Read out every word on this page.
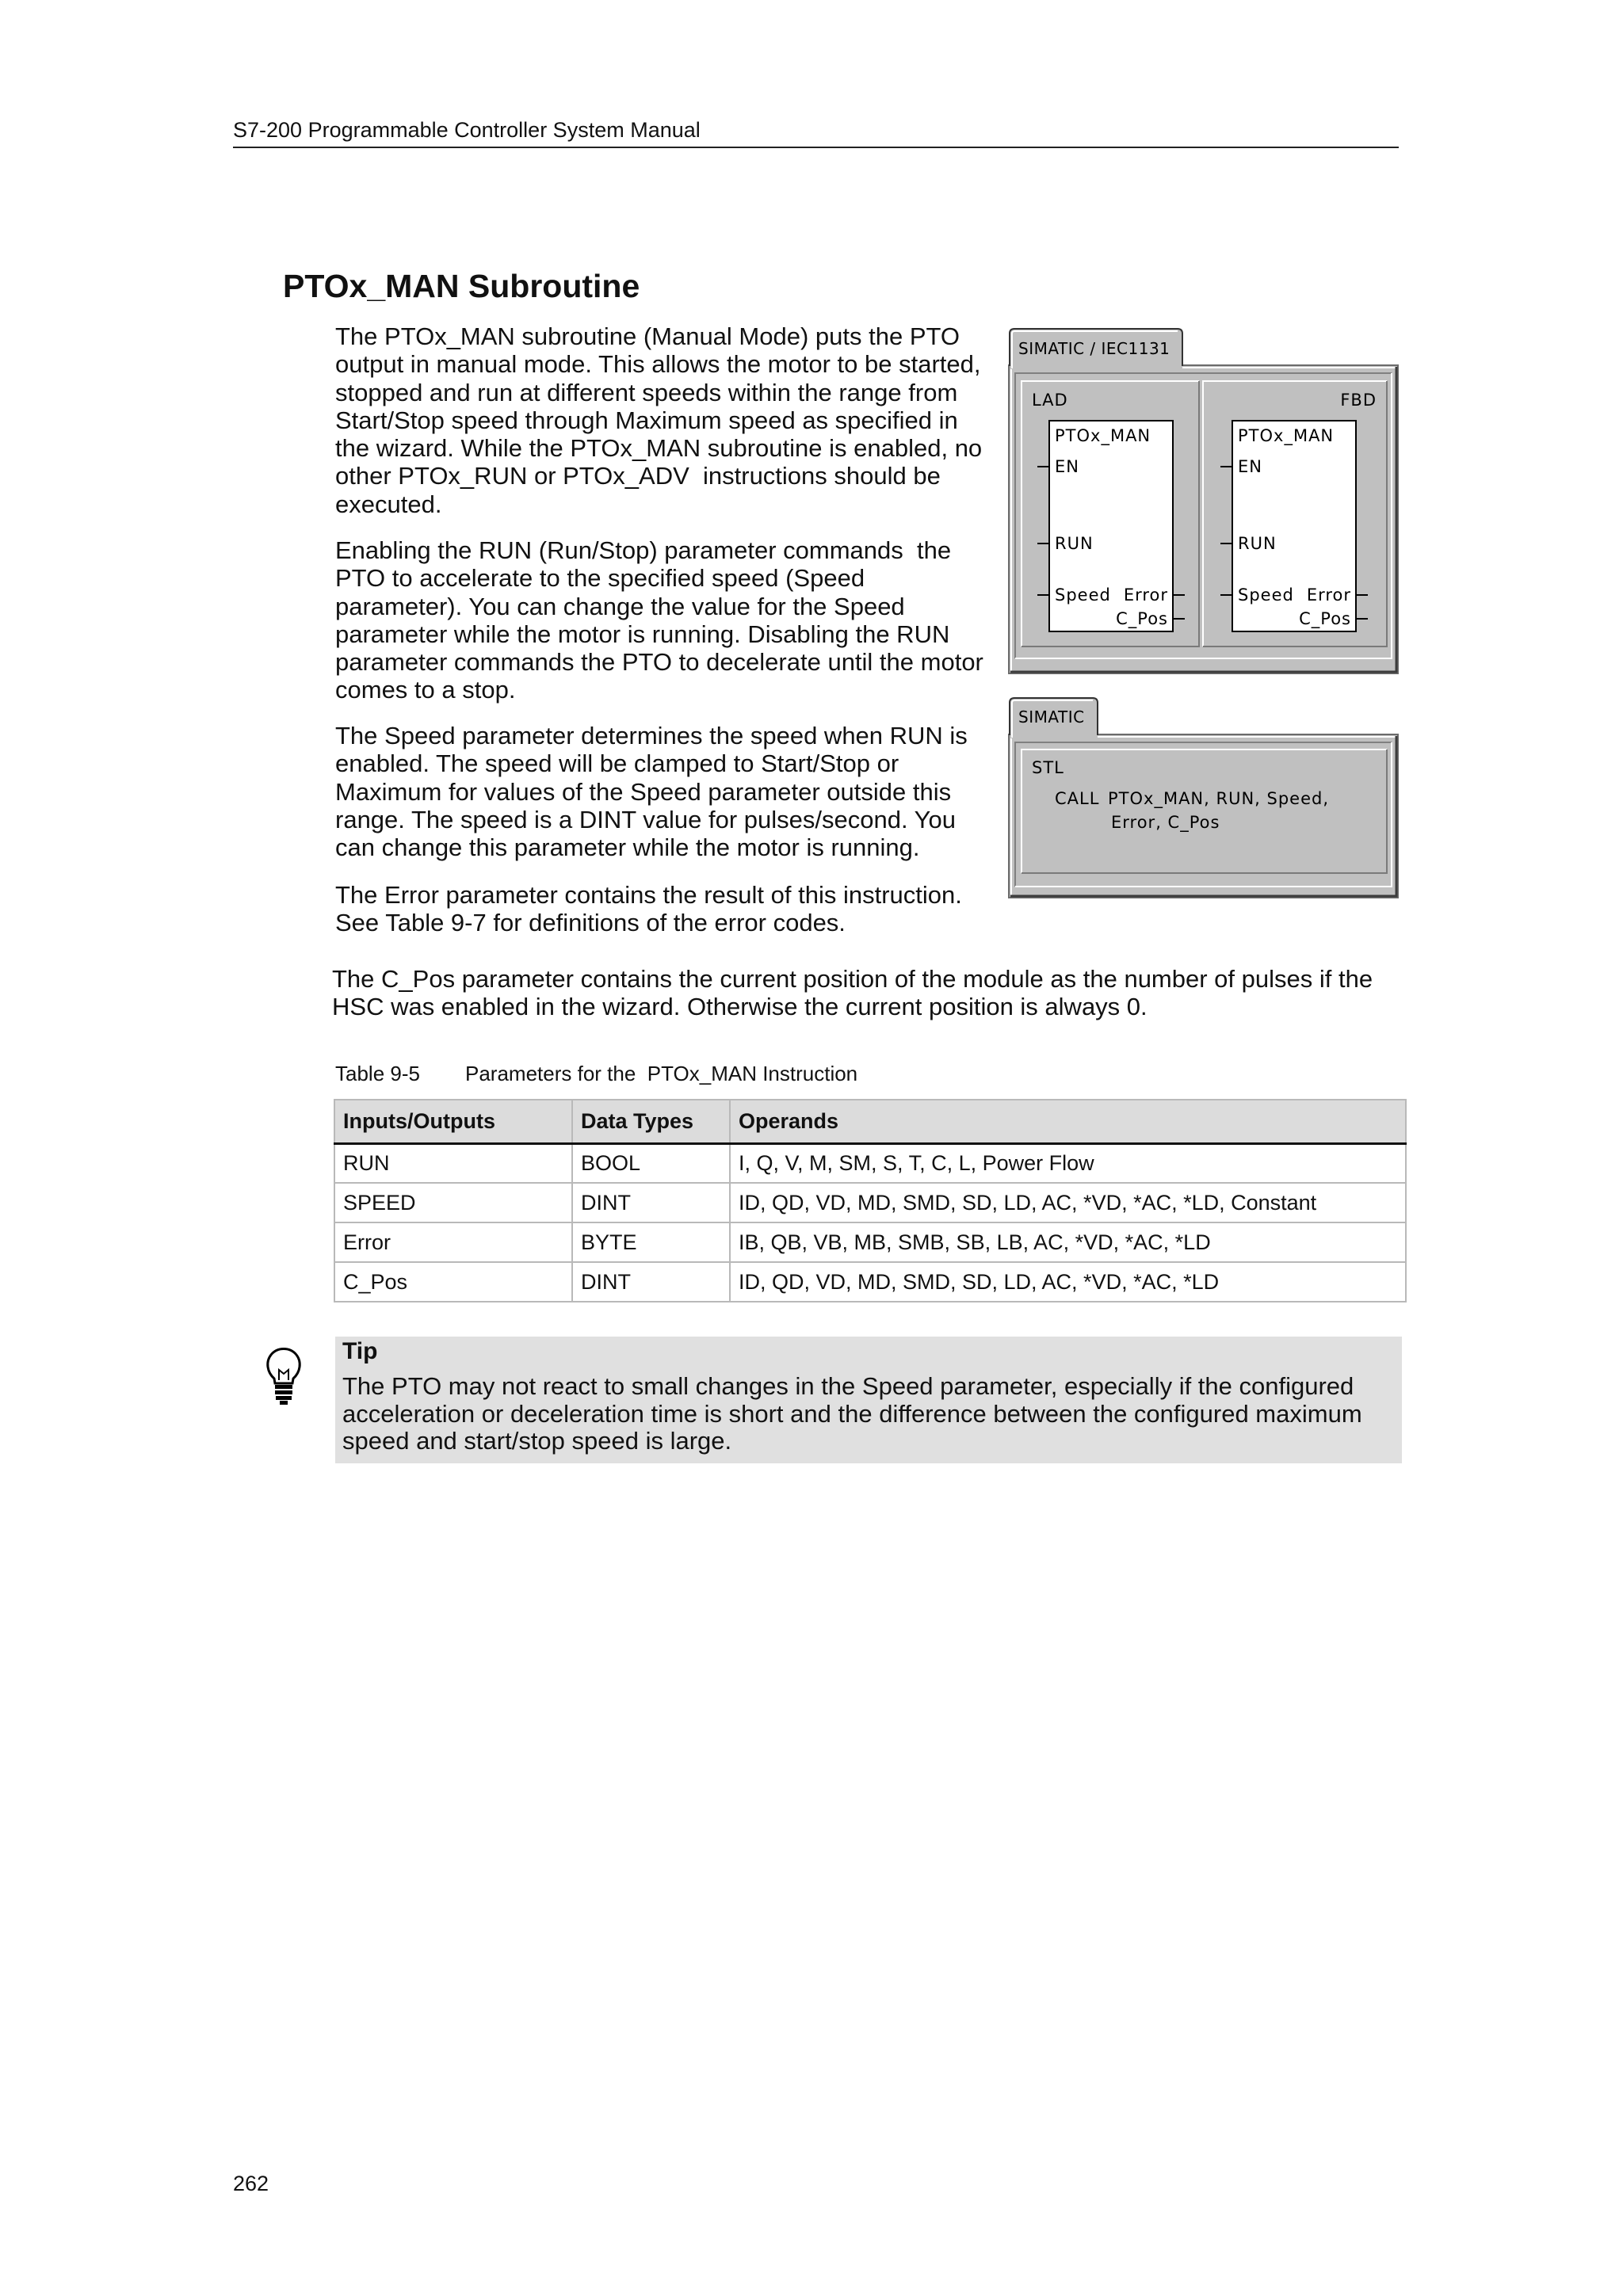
S7-200 Programmable Controller System Manual
PTOx_MAN Subroutine
The PTOx_MAN subroutine (Manual Mode) puts the PTO
output in manual mode. This allows the motor to be started,
stopped and run at different speeds within the range from
Start/Stop speed through Maximum speed as specified in
the wizard. While the PTOx_MAN subroutine is enabled, no
other PTOx_RUN or PTOx_ADV  instructions should be
executed.
Enabling the RUN (Run/Stop) parameter commands  the
PTO to accelerate to the specified speed (Speed
parameter). You can change the value for the Speed
parameter while the motor is running. Disabling the RUN
parameter commands the PTO to decelerate until the motor
comes to a stop.
The Speed parameter determines the speed when RUN is
enabled. The speed will be clamped to Start/Stop or
Maximum for values of the Speed parameter outside this
range. The speed is a DINT value for pulses/second. You
can change this parameter while the motor is running.
The Error parameter contains the result of this instruction.
See Table 9-7 for definitions of the error codes.
The C_Pos parameter contains the current position of the module as the number of pulses if the
HSC was enabled in the wizard. Otherwise the current position is always 0.
SIMATIC / IEC1131
LAD
PTOx_MAN
EN
RUN
Speed Error
C_Pos
FBD
PTOx_MAN
EN
RUN
Speed Error
C_Pos
SIMATIC
STL
CALL PTOx_MAN, RUN, Speed,
Error, C_Pos
Table 9-5 Parameters for the  PTOx_MAN Instruction
Inputs/Outputs	Data Types	Operands
RUN	BOOL	I, Q, V, M, SM, S, T, C, L, Power Flow
SPEED	DINT	ID, QD, VD, MD, SMD, SD, LD, AC, *VD, *AC, *LD, Constant
Error	BYTE	IB, QB, VB, MB, SMB, SB, LB, AC, *VD, *AC, *LD
C_Pos	DINT	ID, QD, VD, MD, SMD, SD, LD, AC, *VD, *AC, *LD
Tip
The PTO may not react to small changes in the Speed parameter, especially if the configured
acceleration or deceleration time is short and the difference between the configured maximum
speed and start/stop speed is large.
262
